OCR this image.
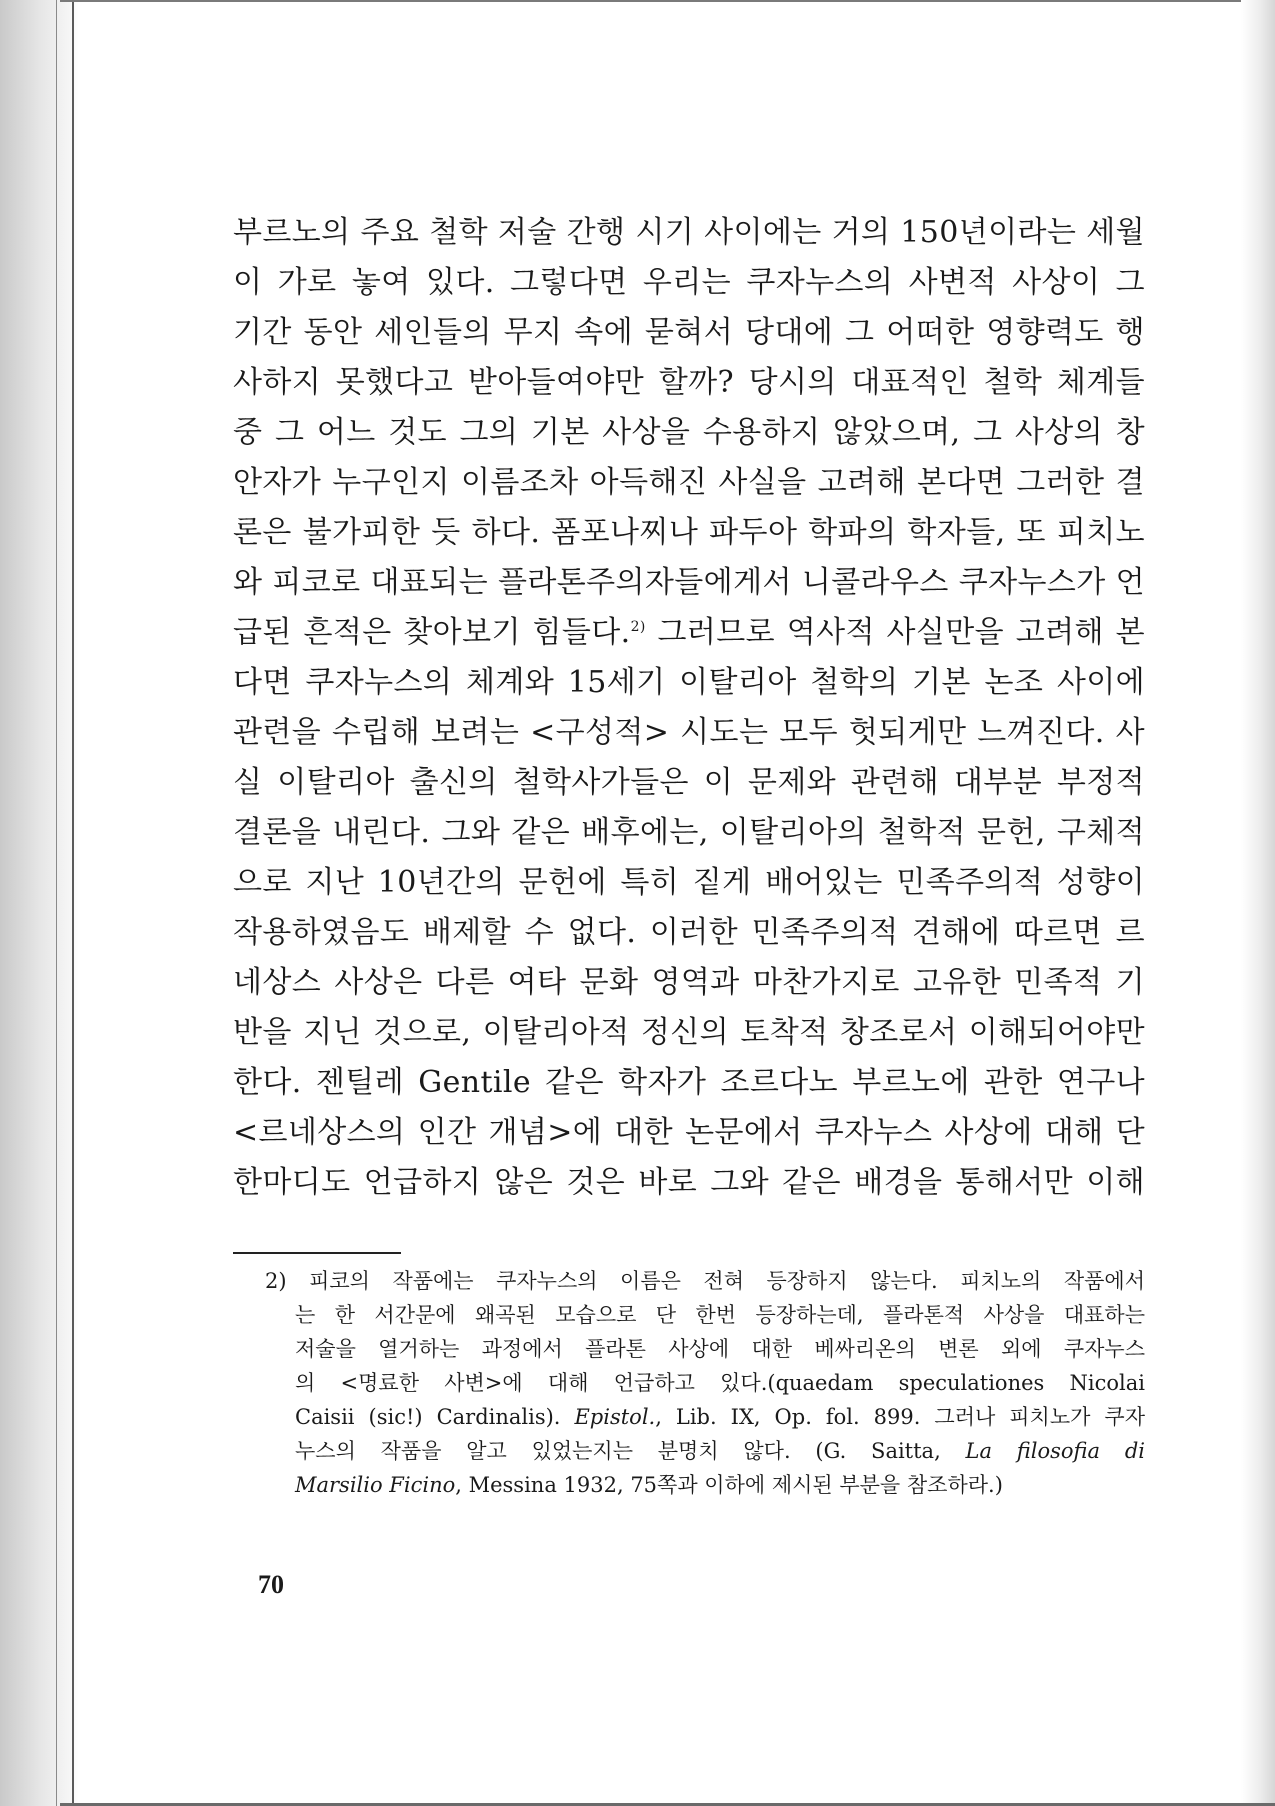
부르노의 주요 철학 저술 간행 시기 사이에는 거의 150년이라는 세월
이 가로 놓여 있다. 그렇다면 우리는 쿠자누스의 사변적 사상이 그
기간 동안 세인들의 무지 속에 묻혀서 당대에 그 어떠한 영향력도 행
사하지 못했다고 받아들여야만 할까? 당시의 대표적인 철학 체계들
중 그 어느 것도 그의 기본 사상을 수용하지 않았으며, 그 사상의 창
안자가 누구인지 이름조차 아득해진 사실을 고려해 본다면 그러한 결
론은 불가피한 듯 하다. 폼포나찌나 파두아 학파의 학자들, 또 피치노
와 피코로 대표되는 플라톤주의자들에게서 니콜라우스 쿠자누스가 언
급된 흔적은 찾아보기 힘들다.$^{2)}$ 그러므로 역사적 사실만을 고려해 본
다면 쿠자누스의 체계와 15세기 이탈리아 철학의 기본 논조 사이에
관련을 수립해 보려는 <구성적> 시도는 모두 헛되게만 느껴진다. 사
실 이탈리아 출신의 철학사가들은 이 문제와 관련해 대부분 부정적
결론을 내린다. 그와 같은 배후에는, 이탈리아의 철학적 문헌, 구체적
으로 지난 10년간의 문헌에 특히 짙게 배어있는 민족주의적 성향이
작용하였음도 배제할 수 없다. 이러한 민족주의적 견해에 따르면 르
네상스 사상은 다른 여타 문화 영역과 마찬가지로 고유한 민족적 기
반을 지닌 것으로, 이탈리아적 정신의 토착적 창조로서 이해되어야만
한다. 젠틸레 Gentile 같은 학자가 조르다노 부르노에 관한 연구나
<르네상스의 인간 개념>에 대한 논문에서 쿠자누스 사상에 대해 단
한마디도 언급하지 않은 것은 바로 그와 같은 배경을 통해서만 이해
2) 피코의 작품에는 쿠자누스의 이름은 전혀 등장하지 않는다. 피치노의 작품에서
는 한 서간문에 왜곡된 모습으로 단 한번 등장하는데, 플라톤적 사상을 대표하는
저술을 열거하는 과정에서 플라톤 사상에 대한 베싸리온의 변론 외에 쿠자누스
의 <명료한 사변>에 대해 언급하고 있다.(quaedam speculationes Nicolai
Caisii (sic!) Cardinalis). Epistol., Lib. IX, Op. fol. 899. 그러나 피치노가 쿠자
누스의 작품을 알고 있었는지는 분명치 않다. (G. Saitta, La filosofia di
Marsilio Ficino, Messina 1932, 75쪽과 이하에 제시된 부분을 참조하라.)
70
